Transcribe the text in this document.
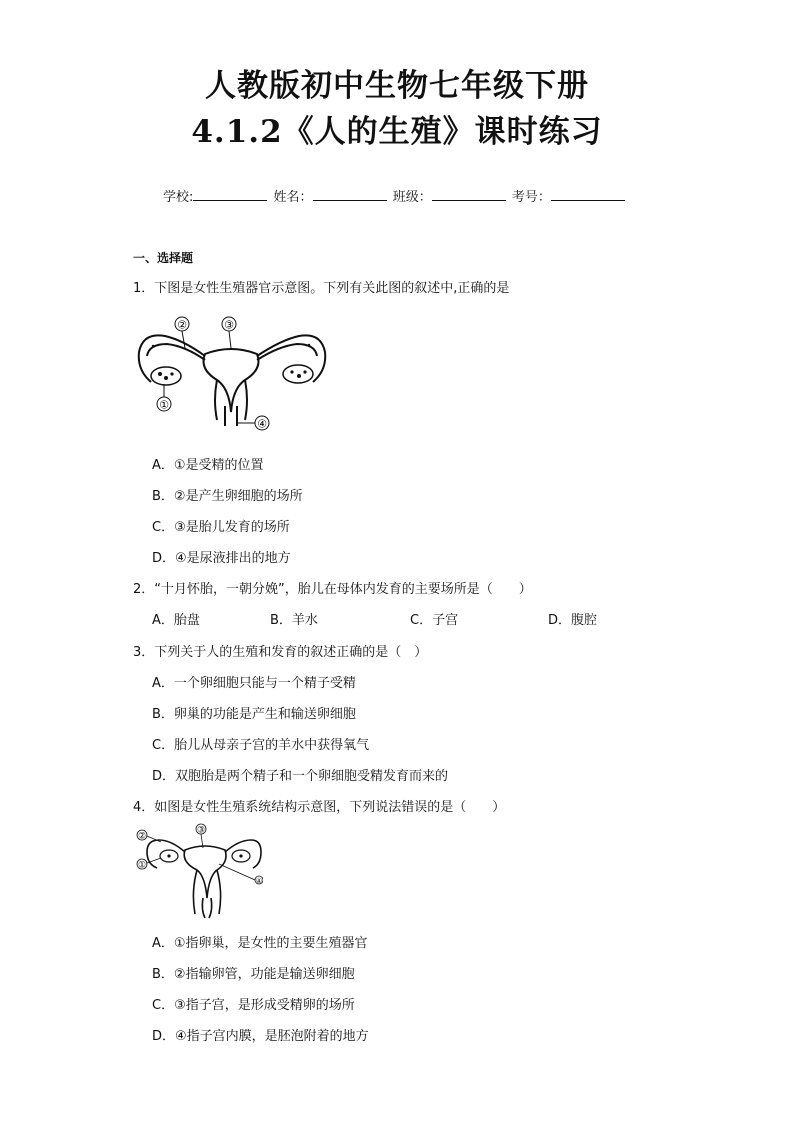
人教版初中生物七年级下册
4.1.2《人的生殖》课时练习
学校:	姓名：	班级：	考号：
一、选择题
1．下图是女性生殖器官示意图。下列有关此图的叙述中,正确的是
②	③
①
④
A．①是受精的位置
B．②是产生卵细胞的场所
C．③是胎儿发育的场所
D．④是尿液排出的地方
2．“十月怀胎，一朝分娩”，胎儿在母体内发育的主要场所是（　　）
A．胎盘	B．羊水	C．子宫	D．腹腔
3．下列关于人的生殖和发育的叙述正确的是（　）
A．一个卵细胞只能与一个精子受精
B．卵巢的功能是产生和输送卵细胞
C．胎儿从母亲子宫的羊水中获得氧气
D．双胞胎是两个精子和一个卵细胞受精发育而来的
4．如图是女性生殖系统结构示意图，下列说法错误的是（　　）
②
③
①
④
A．①指卵巢，是女性的主要生殖器官
B．②指输卵管，功能是输送卵细胞
C．③指子宫，是形成受精卵的场所
D．④指子宫内膜，是胚泡附着的地方
